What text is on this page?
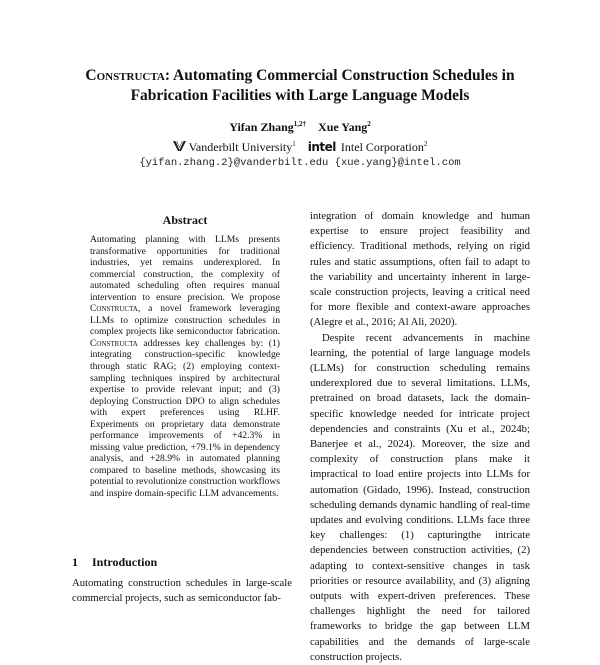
Constructa: Automating Commercial Construction Schedules in Fabrication Facilities with Large Language Models
Yifan Zhang$^{1,2\dagger}$ Xue Yang$^2$
Vanderbilt University$^1$ intel Intel Corporation$^2$
{yifan.zhang.2}@vanderbilt.edu {xue.yang}@intel.com
Abstract
Automating planning with LLMs presents transformative opportunities for traditional industries, yet remains underexplored. In commercial construction, the complexity of automated scheduling often requires manual intervention to ensure precision. We propose Constructa, a novel framework leveraging LLMs to optimize construction schedules in complex projects like semiconductor fabrication. Constructa addresses key challenges by: (1) integrating construction-specific knowledge through static RAG; (2) employing context-sampling techniques inspired by architectural expertise to provide relevant input; and (3) deploying Construction DPO to align schedules with expert preferences using RLHF. Experiments on proprietary data demonstrate performance improvements of +42.3% in missing value prediction, +79.1% in dependency analysis, and +28.9% in automated planning compared to baseline methods, showcasing its potential to revolutionize construction workflows and inspire domain-specific LLM advancements.
1 Introduction
Automating construction schedules in large-scale commercial projects, such as semiconductor fab-

integration of domain knowledge and human expertise to ensure project feasibility and efficiency. Traditional methods, relying on rigid rules and static assumptions, often fail to adapt to the variability and uncertainty inherent in large-scale construction projects, leaving a critical need for more flexible and context-aware approaches (Alegre et al., 2016; Al Ali, 2020).

Despite recent advancements in machine learning, the potential of large language models (LLMs) for construction scheduling remains underexplored due to several limitations. LLMs, pretrained on broad datasets, lack the domain-specific knowledge needed for intricate project dependencies and constraints (Xu et al., 2024b; Banerjee et al., 2024). Moreover, the size and complexity of construction plans make it impractical to load entire projects into LLMs for automation (Gidado, 1996). Instead, construction scheduling demands dynamic handling of real-time updates and evolving conditions. LLMs face three key challenges: (1) capturingthe intricate dependencies between construction activities, (2) adapting to context-sensitive changes in task priorities or resource availability, and (3) aligning outputs with expert-driven preferences. These challenges highlight the need for tailored frameworks to bridge the gap between LLM capabilities and the demands of large-scale construction projects.
